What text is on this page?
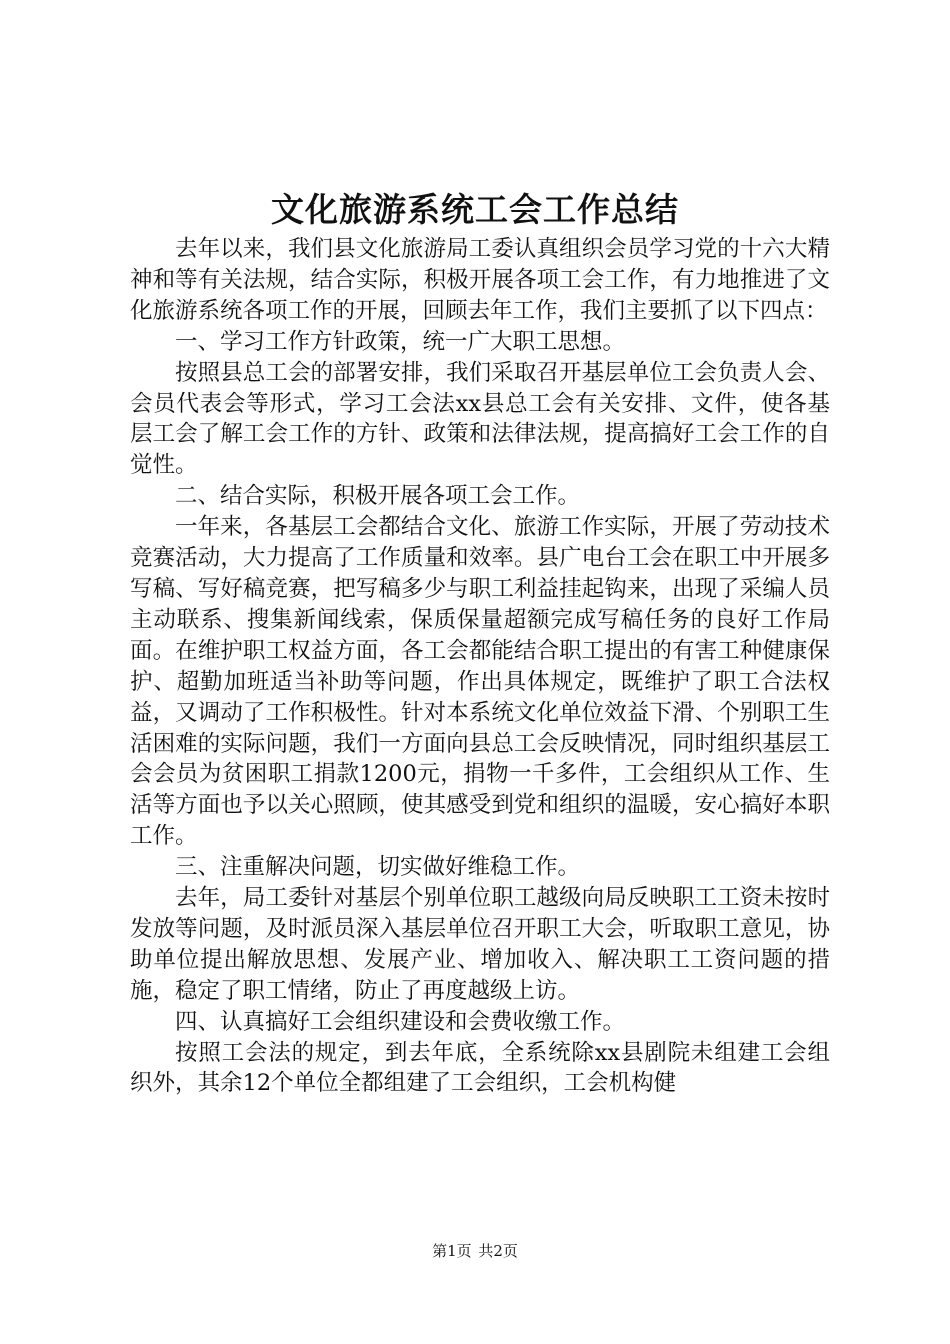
文化旅游系统工会工作总结

去年以来，我们县文化旅游局工委认真组织会员学习党的十六大精神和等有关法规，结合实际，积极开展各项工会工作，有力地推进了文化旅游系统各项工作的开展，回顾去年工作，我们主要抓了以下四点：

一、学习工作方针政策，统一广大职工思想。

按照县总工会的部署安排，我们采取召开基层单位工会负责人会、会员代表会等形式，学习工会法xx县总工会有关安排、文件，使各基层工会了解工会工作的方针、政策和法律法规，提高搞好工会工作的自觉性。

二、结合实际，积极开展各项工会工作。

一年来，各基层工会都结合文化、旅游工作实际，开展了劳动技术竞赛活动，大力提高了工作质量和效率。县广电台工会在职工中开展多写稿、写好稿竞赛，把写稿多少与职工利益挂起钩来，出现了采编人员主动联系、搜集新闻线索，保质保量超额完成写稿任务的良好工作局面。在维护职工权益方面，各工会都能结合职工提出的有害工种健康保护、超勤加班适当补助等问题，作出具体规定，既维护了职工合法权益，又调动了工作积极性。针对本系统文化单位效益下滑、个别职工生活困难的实际问题，我们一方面向县总工会反映情况，同时组织基层工会会员为贫困职工捐款1200元，捐物一千多件，工会组织从工作、生活等方面也予以关心照顾，使其感受到党和组织的温暖，安心搞好本职工作。

三、注重解决问题，切实做好维稳工作。

去年，局工委针对基层个别单位职工越级向局反映职工工资未按时发放等问题，及时派员深入基层单位召开职工大会，听取职工意见，协助单位提出解放思想、发展产业、增加收入、解决职工工资问题的措施，稳定了职工情绪，防止了再度越级上访。

四、认真搞好工会组织建设和会费收缴工作。

按照工会法的规定，到去年底，全系统除xx县剧院未组建工会组织外，其余12个单位全都组建了工会组织，工会机构健

第1页 共2页
